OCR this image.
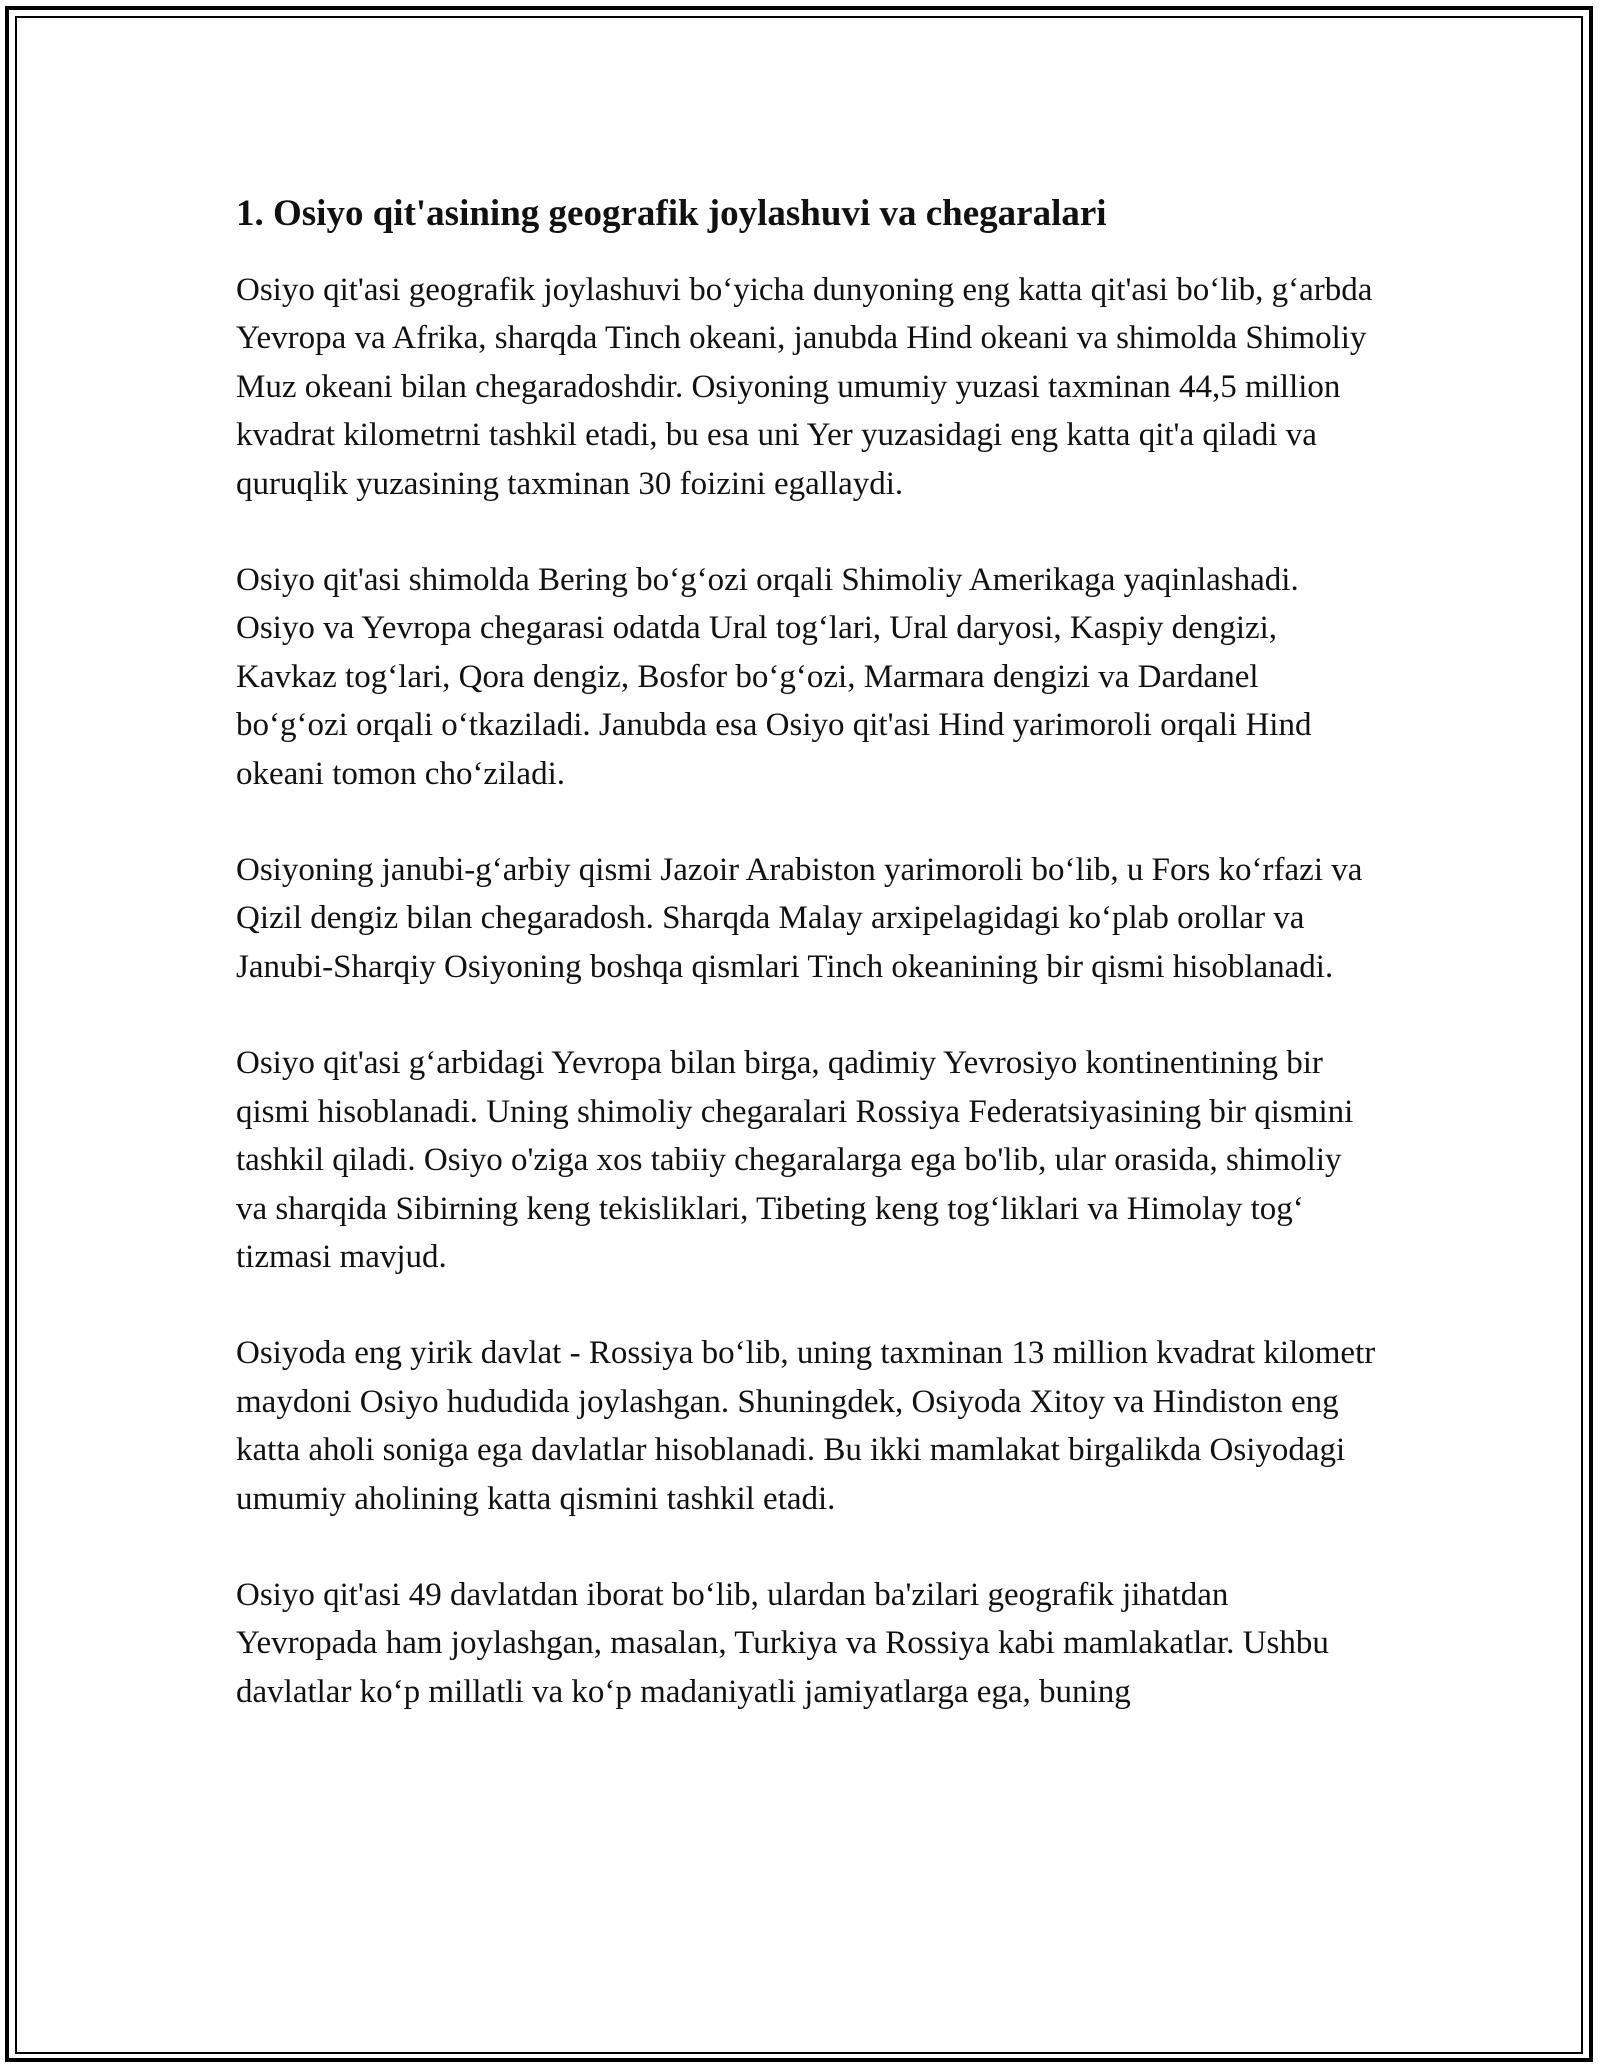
1. Osiyo qit'asining geografik joylashuvi va chegaralari

Osiyo qit'asi geografik joylashuvi bo‘yicha dunyoning eng katta qit'asi bo‘lib, g‘arbda Yevropa va Afrika, sharqda Tinch okeani, janubda Hind okeani va shimolda Shimoliy Muz okeani bilan chegaradoshdir. Osiyoning umumiy yuzasi taxminan 44,5 million kvadrat kilometrni tashkil etadi, bu esa uni Yer yuzasidagi eng katta qit'a qiladi va quruqlik yuzasining taxminan 30 foizini egallaydi.

Osiyo qit'asi shimolda Bering bo‘g‘ozi orqali Shimoliy Amerikaga yaqinlashadi. Osiyo va Yevropa chegarasi odatda Ural tog‘lari, Ural daryosi, Kaspiy dengizi, Kavkaz tog‘lari, Qora dengiz, Bosfor bo‘g‘ozi, Marmara dengizi va Dardanel bo‘g‘ozi orqali o‘tkaziladi. Janubda esa Osiyo qit'asi Hind yarimoroli orqali Hind okeani tomon cho‘ziladi.

Osiyoning janubi-g‘arbiy qismi Jazoir Arabiston yarimoroli bo‘lib, u Fors ko‘rfazi va Qizil dengiz bilan chegaradosh. Sharqda Malay arxipelagidagi ko‘plab orollar va Janubi-Sharqiy Osiyoning boshqa qismlari Tinch okeanining bir qismi hisoblanadi.

Osiyo qit'asi g‘arbidagi Yevropa bilan birga, qadimiy Yevrosiyo kontinentining bir qismi hisoblanadi. Uning shimoliy chegaralari Rossiya Federatsiyasining bir qismini tashkil qiladi. Osiyo o'ziga xos tabiiy chegaralarga ega bo'lib, ular orasida, shimoliy va sharqida Sibirning keng tekisliklari, Tibeting keng tog‘liklari va Himolay tog‘ tizmasi mavjud.

Osiyoda eng yirik davlat - Rossiya bo‘lib, uning taxminan 13 million kvadrat kilometr maydoni Osiyo hududida joylashgan. Shuningdek, Osiyoda Xitoy va Hindiston eng katta aholi soniga ega davlatlar hisoblanadi. Bu ikki mamlakat birgalikda Osiyodagi umumiy aholining katta qismini tashkil etadi.

Osiyo qit'asi 49 davlatdan iborat bo‘lib, ulardan ba'zilari geografik jihatdan Yevropada ham joylashgan, masalan, Turkiya va Rossiya kabi mamlakatlar. Ushbu davlatlar ko‘p millatli va ko‘p madaniyatli jamiyatlarga ega, buning
